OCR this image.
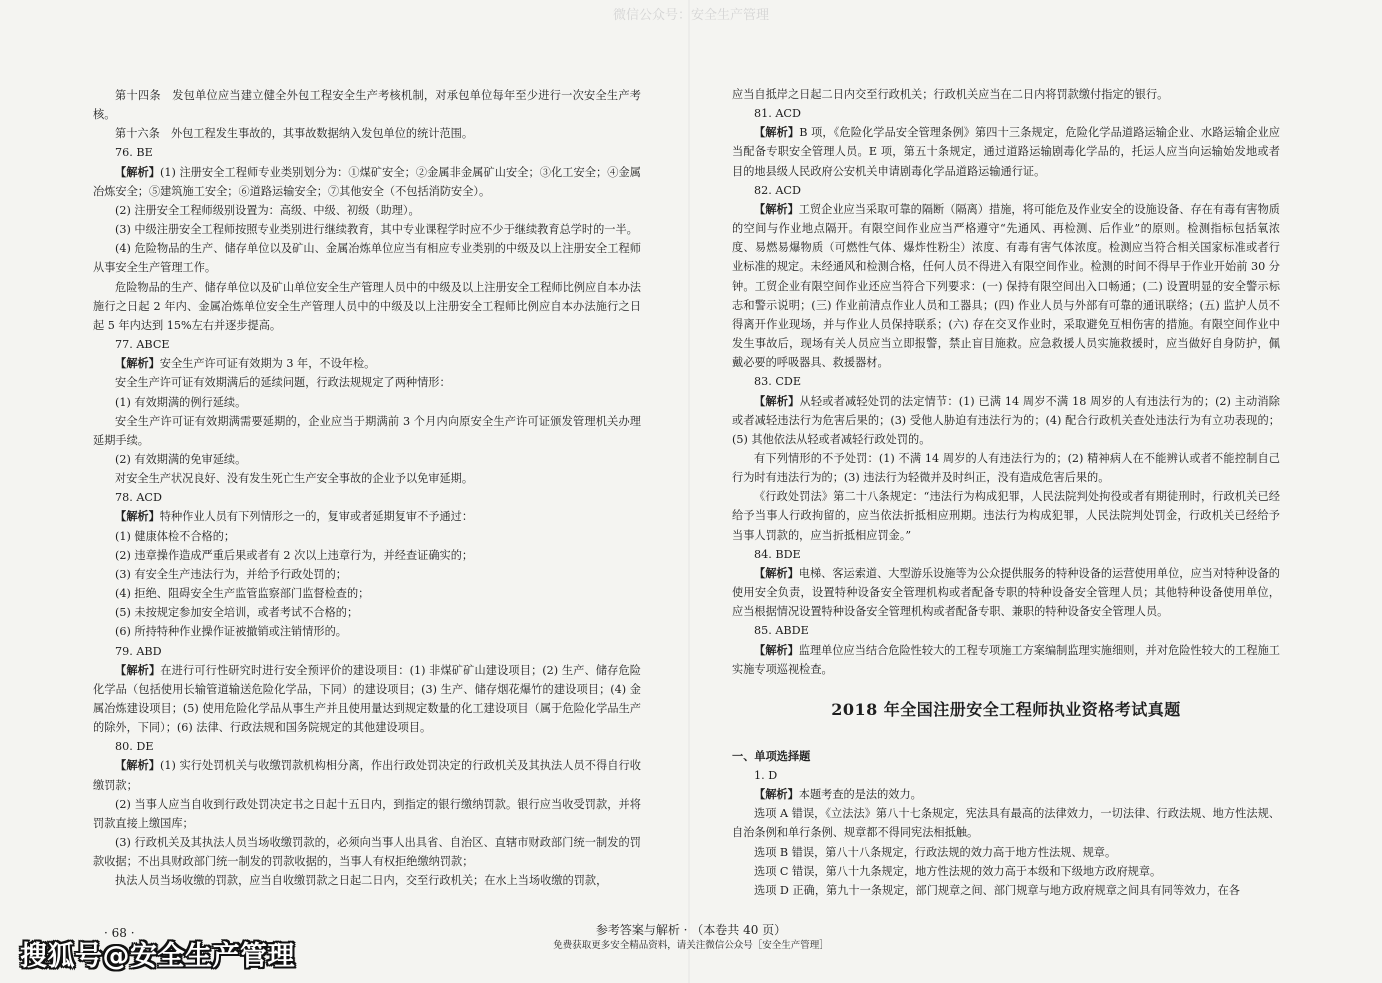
微信公众号：安全生产管理

第十四条　发包单位应当建立健全外包工程安全生产考核机制，对承包单位每年至少进行一次安全生产考核。

第十六条　外包工程发生事故的，其事故数据纳入发包单位的统计范围。

76. BE

【解析】(1) 注册安全工程师专业类别划分为：①煤矿安全；②金属非金属矿山安全；③化工安全；④金属冶炼安全；⑤建筑施工安全；⑥道路运输安全；⑦其他安全（不包括消防安全）。

(2) 注册安全工程师级别设置为：高级、中级、初级（助理）。

(3) 中级注册安全工程师按照专业类别进行继续教育，其中专业课程学时应不少于继续教育总学时的一半。

(4) 危险物品的生产、储存单位以及矿山、金属冶炼单位应当有相应专业类别的中级及以上注册安全工程师从事安全生产管理工作。

危险物品的生产、储存单位以及矿山单位安全生产管理人员中的中级及以上注册安全工程师比例应自本办法施行之日起 2 年内、金属冶炼单位安全生产管理人员中的中级及以上注册安全工程师比例应自本办法施行之日起 5 年内达到 15%左右并逐步提高。

77. ABCE

【解析】安全生产许可证有效期为 3 年，不设年检。

安全生产许可证有效期满后的延续问题，行政法规规定了两种情形：

(1) 有效期满的例行延续。

安全生产许可证有效期满需要延期的，企业应当于期满前 3 个月内向原安全生产许可证颁发管理机关办理延期手续。

(2) 有效期满的免审延续。

对安全生产状况良好、没有发生死亡生产安全事故的企业予以免审延期。

78. ACD

【解析】特种作业人员有下列情形之一的，复审或者延期复审不予通过：

(1) 健康体检不合格的；

(2) 违章操作造成严重后果或者有 2 次以上违章行为，并经查证确实的；

(3) 有安全生产违法行为，并给予行政处罚的；

(4) 拒绝、阻碍安全生产监管监察部门监督检查的；

(5) 未按规定参加安全培训，或者考试不合格的；

(6) 所持特种作业操作证被撤销或注销情形的。

79. ABD

【解析】在进行可行性研究时进行安全预评价的建设项目：(1) 非煤矿矿山建设项目；(2) 生产、储存危险化学品（包括使用长输管道输送危险化学品，下同）的建设项目；(3) 生产、储存烟花爆竹的建设项目；(4) 金属冶炼建设项目；(5) 使用危险化学品从事生产并且使用量达到规定数量的化工建设项目（属于危险化学品生产的除外，下同）；(6) 法律、行政法规和国务院规定的其他建设项目。

80. DE

【解析】(1) 实行处罚机关与收缴罚款机构相分离，作出行政处罚决定的行政机关及其执法人员不得自行收缴罚款；

(2) 当事人应当自收到行政处罚决定书之日起十五日内，到指定的银行缴纳罚款。银行应当收受罚款，并将罚款直接上缴国库；

(3) 行政机关及其执法人员当场收缴罚款的，必须向当事人出具省、自治区、直辖市财政部门统一制发的罚款收据；不出具财政部门统一制发的罚款收据的，当事人有权拒绝缴纳罚款；

执法人员当场收缴的罚款，应当自收缴罚款之日起二日内，交至行政机关；在水上当场收缴的罚款，

应当自抵岸之日起二日内交至行政机关；行政机关应当在二日内将罚款缴付指定的银行。

81. ACD

【解析】B 项，《危险化学品安全管理条例》第四十三条规定，危险化学品道路运输企业、水路运输企业应当配备专职安全管理人员。E 项，第五十条规定，通过道路运输剧毒化学品的，托运人应当向运输始发地或者目的地县级人民政府公安机关申请剧毒化学品道路运输通行证。

82. ACD

【解析】工贸企业应当采取可靠的隔断（隔离）措施，将可能危及作业安全的设施设备、存在有毒有害物质的空间与作业地点隔开。有限空间作业应当严格遵守“先通风、再检测、后作业”的原则。检测指标包括氧浓度、易燃易爆物质（可燃性气体、爆炸性粉尘）浓度、有毒有害气体浓度。检测应当符合相关国家标准或者行业标准的规定。未经通风和检测合格，任何人员不得进入有限空间作业。检测的时间不得早于作业开始前 30 分钟。工贸企业有限空间作业还应当符合下列要求：(一) 保持有限空间出入口畅通；(二) 设置明显的安全警示标志和警示说明；(三) 作业前清点作业人员和工器具；(四) 作业人员与外部有可靠的通讯联络；(五) 监护人员不得离开作业现场，并与作业人员保持联系；(六) 存在交叉作业时，采取避免互相伤害的措施。有限空间作业中发生事故后，现场有关人员应当立即报警，禁止盲目施救。应急救援人员实施救援时，应当做好自身防护，佩戴必要的呼吸器具、救援器材。

83. CDE

【解析】从轻或者减轻处罚的法定情节：(1) 已满 14 周岁不满 18 周岁的人有违法行为的；(2) 主动消除或者减轻违法行为危害后果的；(3) 受他人胁迫有违法行为的；(4) 配合行政机关查处违法行为有立功表现的；(5) 其他依法从轻或者减轻行政处罚的。

有下列情形的不予处罚：(1) 不满 14 周岁的人有违法行为的；(2) 精神病人在不能辨认或者不能控制自己行为时有违法行为的；(3) 违法行为轻微并及时纠正，没有造成危害后果的。

《行政处罚法》第二十八条规定：“违法行为构成犯罪，人民法院判处拘役或者有期徒刑时，行政机关已经给予当事人行政拘留的，应当依法折抵相应刑期。违法行为构成犯罪，人民法院判处罚金，行政机关已经给予当事人罚款的，应当折抵相应罚金。”

84. BDE

【解析】电梯、客运索道、大型游乐设施等为公众提供服务的特种设备的运营使用单位，应当对特种设备的使用安全负责，设置特种设备安全管理机构或者配备专职的特种设备安全管理人员；其他特种设备使用单位，应当根据情况设置特种设备安全管理机构或者配备专职、兼职的特种设备安全管理人员。

85. ABDE

【解析】监理单位应当结合危险性较大的工程专项施工方案编制监理实施细则，并对危险性较大的工程施工实施专项巡视检查。

2018 年全国注册安全工程师执业资格考试真题

一、单项选择题

1. D

【解析】本题考查的是法的效力。

选项 A 错误，《立法法》第八十七条规定，宪法具有最高的法律效力，一切法律、行政法规、地方性法规、自治条例和单行条例、规章都不得同宪法相抵触。

选项 B 错误，第八十八条规定，行政法规的效力高于地方性法规、规章。

选项 C 错误，第八十九条规定，地方性法规的效力高于本级和下级地方政府规章。

选项 D 正确，第九十一条规定，部门规章之间、部门规章与地方政府规章之间具有同等效力，在各

· 68 ·	参考答案与解析 · （本卷共 40 页）
免费获取更多安全精品资料，请关注微信公众号［安全生产管理］
搜狐号@安全生产管理
